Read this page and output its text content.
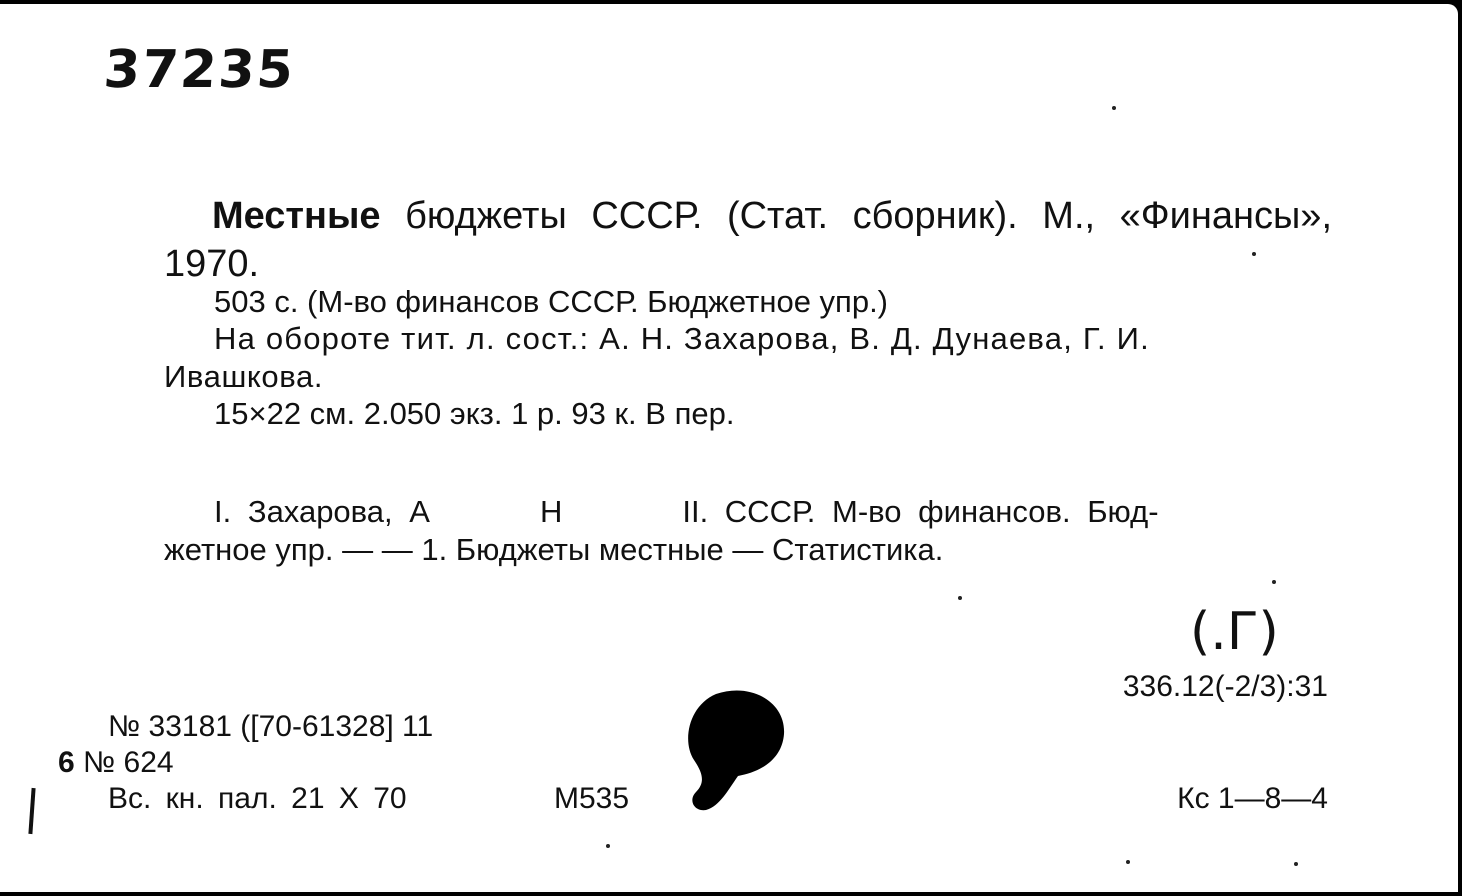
37235
Местные бюджеты СССР. (Стат. сборник). М., «Финансы», 1970.
503 с. (М-во финансов СССР. Бюджетное упр.)
На обороте тит. л. сост.: А. Н. Захарова, В. Д. Дунаева, Г. И.
Ивашкова.
15×22 см. 2.050 экз. 1 р. 93 к. В пер.
I. Захарова, А	Н	II. СССР. М-во финансов. Бюд-
жетное упр. — — 1. Бюджеты местные — Статистика.
(.Г)
336.12(-2/3):31
№ 33181 ([70-61328] 11
6 № 624
Вс. кн. пал. 21 Х 70	М535	Кс 1—8—4
